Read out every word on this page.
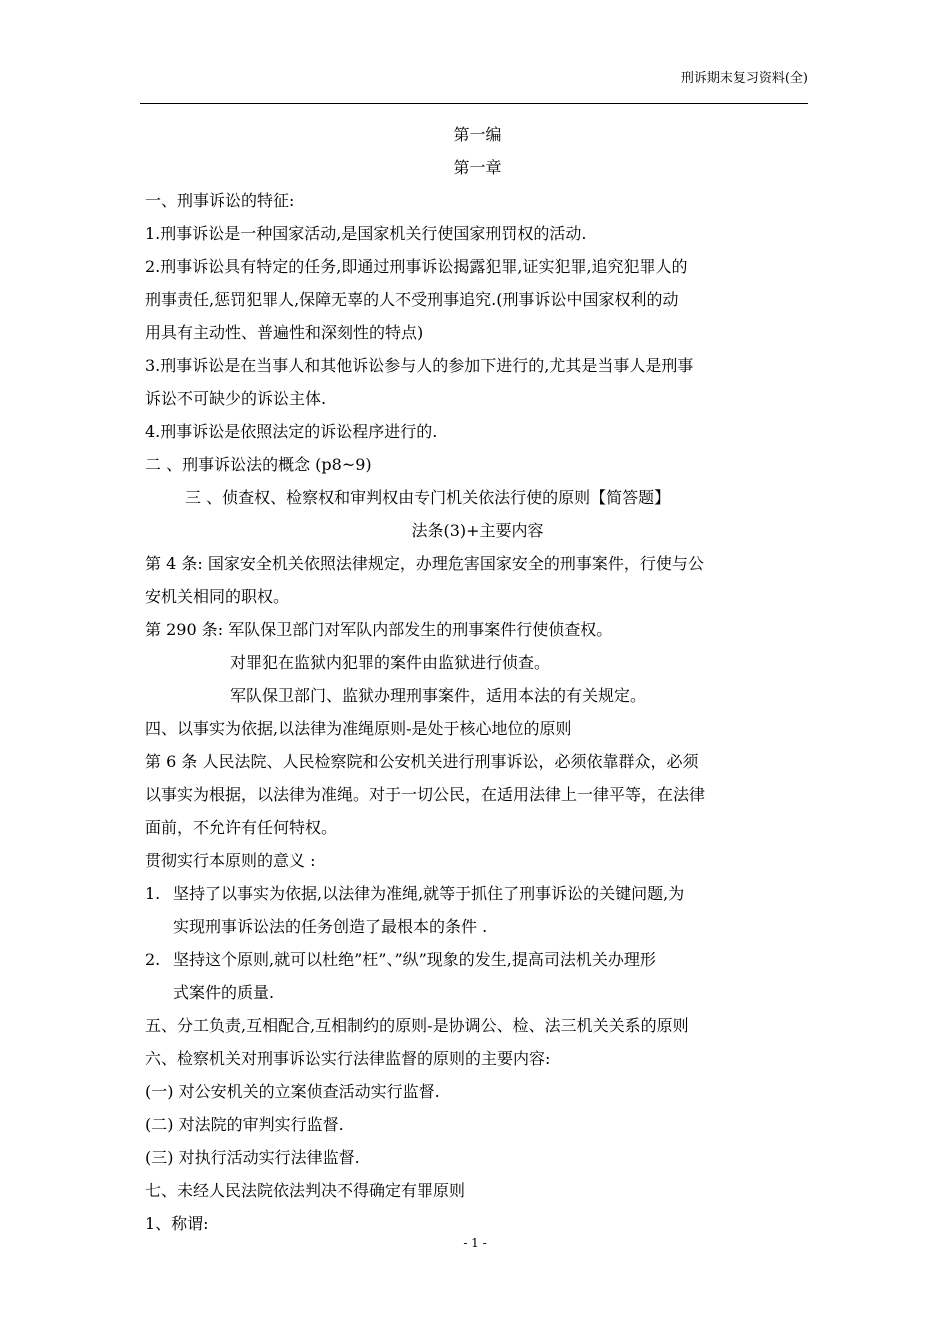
刑诉期末复习资料(全)
第一编
第一章
一、刑事诉讼的特征:
1.刑事诉讼是一种国家活动,是国家机关行使国家刑罚权的活动.
2.刑事诉讼具有特定的任务,即通过刑事诉讼揭露犯罪,证实犯罪,追究犯罪人的
刑事责任,惩罚犯罪人,保障无辜的人不受刑事追究.(刑事诉讼中国家权利的动
用具有主动性、普遍性和深刻性的特点)
3.刑事诉讼是在当事人和其他诉讼参与人的参加下进行的,尤其是当事人是刑事
诉讼不可缺少的诉讼主体.
4.刑事诉讼是依照法定的诉讼程序进行的.
二 、刑事诉讼法的概念 (p8~9)
三 、侦查权、检察权和审判权由专门机关依法行使的原则【简答题】
法条(3)+主要内容
第 4 条: 国家安全机关依照法律规定，办理危害国家安全的刑事案件，行使与公
安机关相同的职权。
第 290 条: 军队保卫部门对军队内部发生的刑事案件行使侦查权。
对罪犯在监狱内犯罪的案件由监狱进行侦查。
军队保卫部门、监狱办理刑事案件，适用本法的有关规定。
四、以事实为依据,以法律为准绳原则-是处于核心地位的原则
第 6 条 人民法院、人民检察院和公安机关进行刑事诉讼，必须依靠群众，必须
以事实为根据，以法律为准绳。对于一切公民，在适用法律上一律平等，在法律
面前，不允许有任何特权。
贯彻实行本原则的意义 :
1. 坚持了以事实为依据,以法律为准绳,就等于抓住了刑事诉讼的关键问题,为
实现刑事诉讼法的任务创造了最根本的条件 .
2. 坚持这个原则,就可以杜绝”枉”、”纵”现象的发生,提高司法机关办理形
式案件的质量.
五、分工负责,互相配合,互相制约的原则-是协调公、检、法三机关关系的原则
六、检察机关对刑事诉讼实行法律监督的原则的主要内容:
(一) 对公安机关的立案侦查活动实行监督.
(二) 对法院的审判实行监督.
(三) 对执行活动实行法律监督.
七、未经人民法院依法判决不得确定有罪原则
1、称谓:
- 1 -
